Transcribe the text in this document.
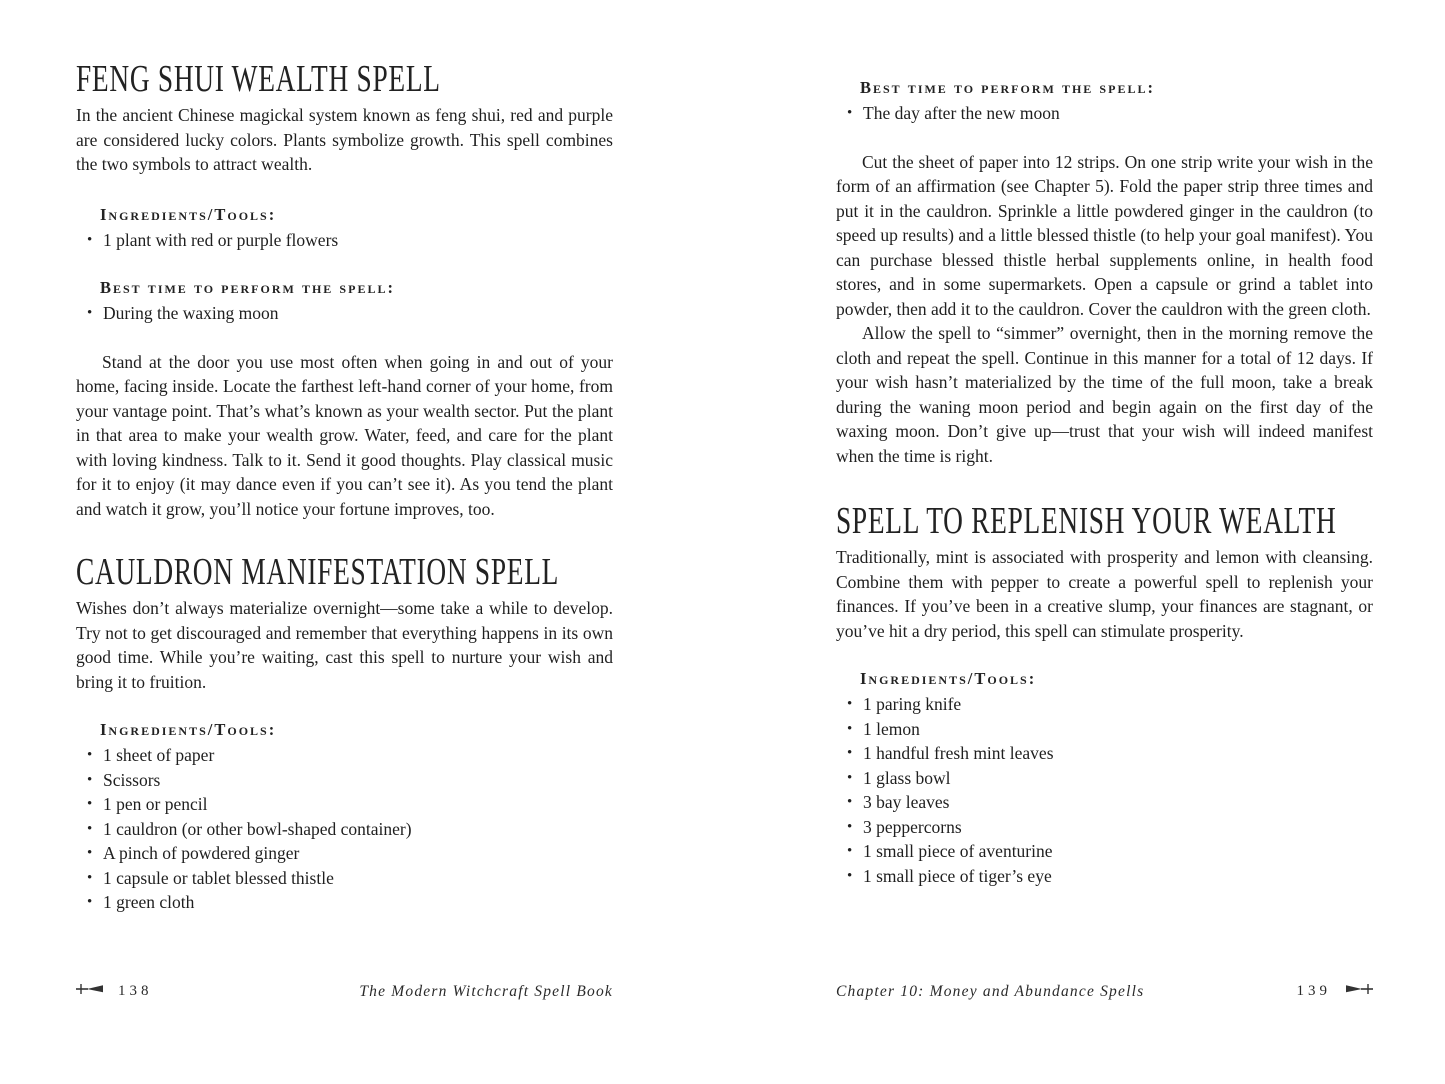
FENG SHUI WEALTH SPELL

In the ancient Chinese magickal system known as feng shui, red and purple are considered lucky colors. Plants symbolize growth. This spell combines the two symbols to attract wealth.

Ingredients/Tools:
• 1 plant with red or purple flowers
Best time to perform the spell:
• During the waxing moon

Stand at the door you use most often when going in and out of your home, facing inside. Locate the farthest left-hand corner of your home, from your vantage point. That’s what’s known as your wealth sector. Put the plant in that area to make your wealth grow. Water, feed, and care for the plant with loving kindness. Talk to it. Send it good thoughts. Play classical music for it to enjoy (it may dance even if you can’t see it). As you tend the plant and watch it grow, you’ll notice your fortune improves, too.

CAULDRON MANIFESTATION SPELL

Wishes don’t always materialize overnight—some take a while to develop. Try not to get discouraged and remember that everything happens in its own good time. While you’re waiting, cast this spell to nurture your wish and bring it to fruition.

Ingredients/Tools:
• 1 sheet of paper
• Scissors
• 1 pen or pencil
• 1 cauldron (or other bowl-shaped container)
• A pinch of powdered ginger
• 1 capsule or tablet blessed thistle
• 1 green cloth
Best time to perform the spell:
• The day after the new moon

Cut the sheet of paper into 12 strips. On one strip write your wish in the form of an affirmation (see Chapter 5). Fold the paper strip three times and put it in the cauldron. Sprinkle a little powdered ginger in the cauldron (to speed up results) and a little blessed thistle (to help your goal manifest). You can purchase blessed thistle herbal supplements online, in health food stores, and in some supermarkets. Open a capsule or grind a tablet into powder, then add it to the cauldron. Cover the cauldron with the green cloth.

Allow the spell to “simmer” overnight, then in the morning remove the cloth and repeat the spell. Continue in this manner for a total of 12 days. If your wish hasn’t materialized by the time of the full moon, take a break during the waning moon period and begin again on the first day of the waxing moon. Don’t give up—trust that your wish will indeed manifest when the time is right.

SPELL TO REPLENISH YOUR WEALTH

Traditionally, mint is associated with prosperity and lemon with cleansing. Combine them with pepper to create a powerful spell to replenish your finances. If you’ve been in a creative slump, your finances are stagnant, or you’ve hit a dry period, this spell can stimulate prosperity.

Ingredients/Tools:
• 1 paring knife
• 1 lemon
• 1 handful fresh mint leaves
• 1 glass bowl
• 3 bay leaves
• 3 peppercorns
• 1 small piece of aventurine
• 1 small piece of tiger’s eye
138	The Modern Witchcraft Spell Book	Chapter 10: Money and Abundance Spells	139
